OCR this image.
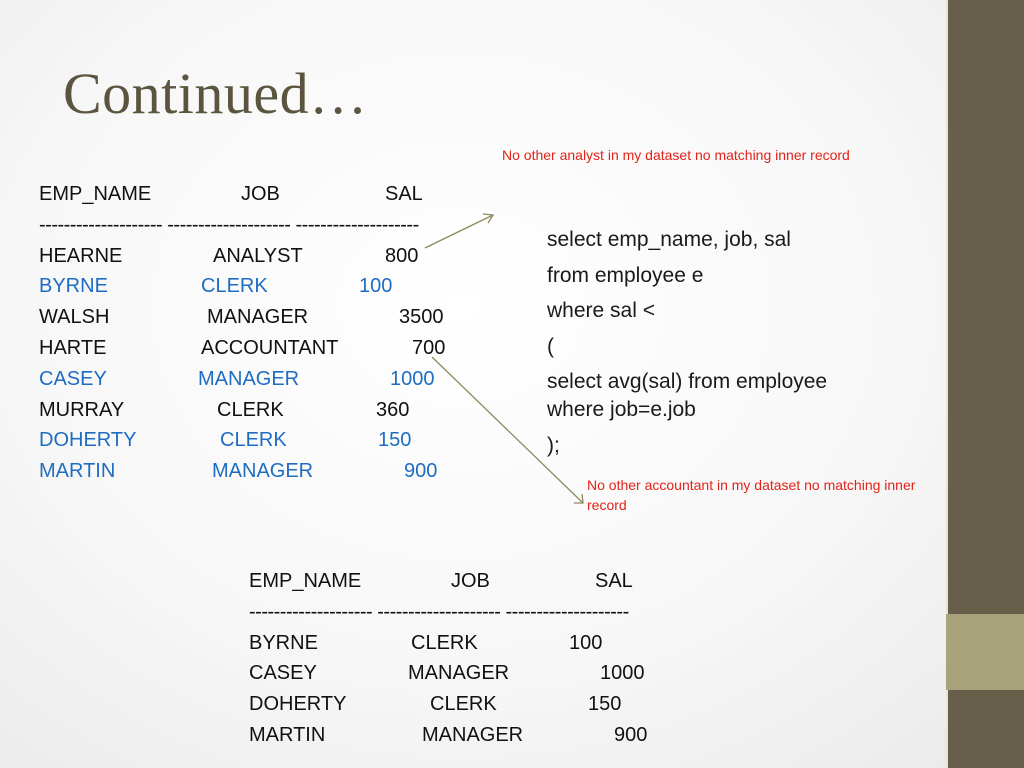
Continued…
EMP_NAME	JOB	SAL
-------------------- -------------------- --------------------
HEARNE	ANALYST	800
BYRNE	CLERK	100
WALSH	MANAGER	3500
HARTE	ACCOUNTANT	700
CASEY	MANAGER	1000
MURRAY	CLERK	360
DOHERTY	CLERK	150
MARTIN	MANAGER	900
No other analyst in my dataset no matching inner record
No other accountant in my dataset no matching inner record
select emp_name, job, sal
from employee e
where sal <
(
select avg(sal) from employee where job=e.job
);
EMP_NAME	JOB	SAL
-------------------- -------------------- --------------------
BYRNE	CLERK	100
CASEY	MANAGER	1000
DOHERTY	CLERK	150
MARTIN	MANAGER	900
